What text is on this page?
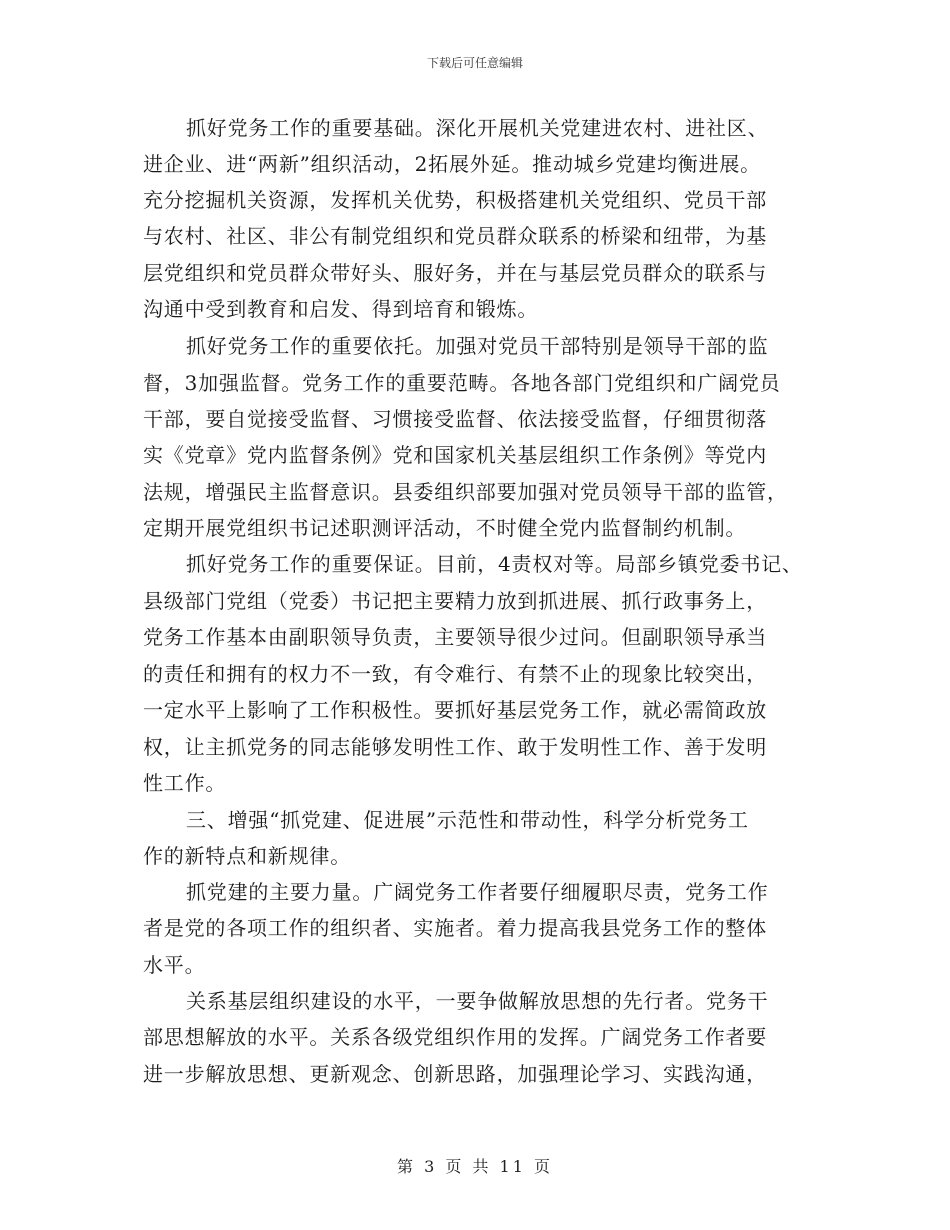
下载后可任意编辑
抓好党务工作的重要基础。深化开展机关党建进农村、进社区、
进企业、进“两新”组织活动，2拓展外延。推动城乡党建均衡进展。
充分挖掘机关资源，发挥机关优势，积极搭建机关党组织、党员干部
与农村、社区、非公有制党组织和党员群众联系的桥梁和纽带，为基
层党组织和党员群众带好头、服好务，并在与基层党员群众的联系与
沟通中受到教育和启发、得到培育和锻炼。
抓好党务工作的重要依托。加强对党员干部特别是领导干部的监
督，3加强监督。党务工作的重要范畴。各地各部门党组织和广阔党员
干部，要自觉接受监督、习惯接受监督、依法接受监督，仔细贯彻落
实《党章》党内监督条例》党和国家机关基层组织工作条例》等党内
法规，增强民主监督意识。县委组织部要加强对党员领导干部的监管，
定期开展党组织书记述职测评活动，不时健全党内监督制约机制。
抓好党务工作的重要保证。目前，4责权对等。局部乡镇党委书记、
县级部门党组（党委）书记把主要精力放到抓进展、抓行政事务上，
党务工作基本由副职领导负责，主要领导很少过问。但副职领导承当
的责任和拥有的权力不一致，有令难行、有禁不止的现象比较突出，
一定水平上影响了工作积极性。要抓好基层党务工作，就必需简政放
权，让主抓党务的同志能够发明性工作、敢于发明性工作、善于发明
性工作。
三、增强“抓党建、促进展”示范性和带动性，科学分析党务工
作的新特点和新规律。
抓党建的主要力量。广阔党务工作者要仔细履职尽责，党务工作
者是党的各项工作的组织者、实施者。着力提高我县党务工作的整体
水平。
关系基层组织建设的水平，一要争做解放思想的先行者。党务干
部思想解放的水平。关系各级党组织作用的发挥。广阔党务工作者要
进一步解放思想、更新观念、创新思路，加强理论学习、实践沟通，
第 3 页 共 11 页
